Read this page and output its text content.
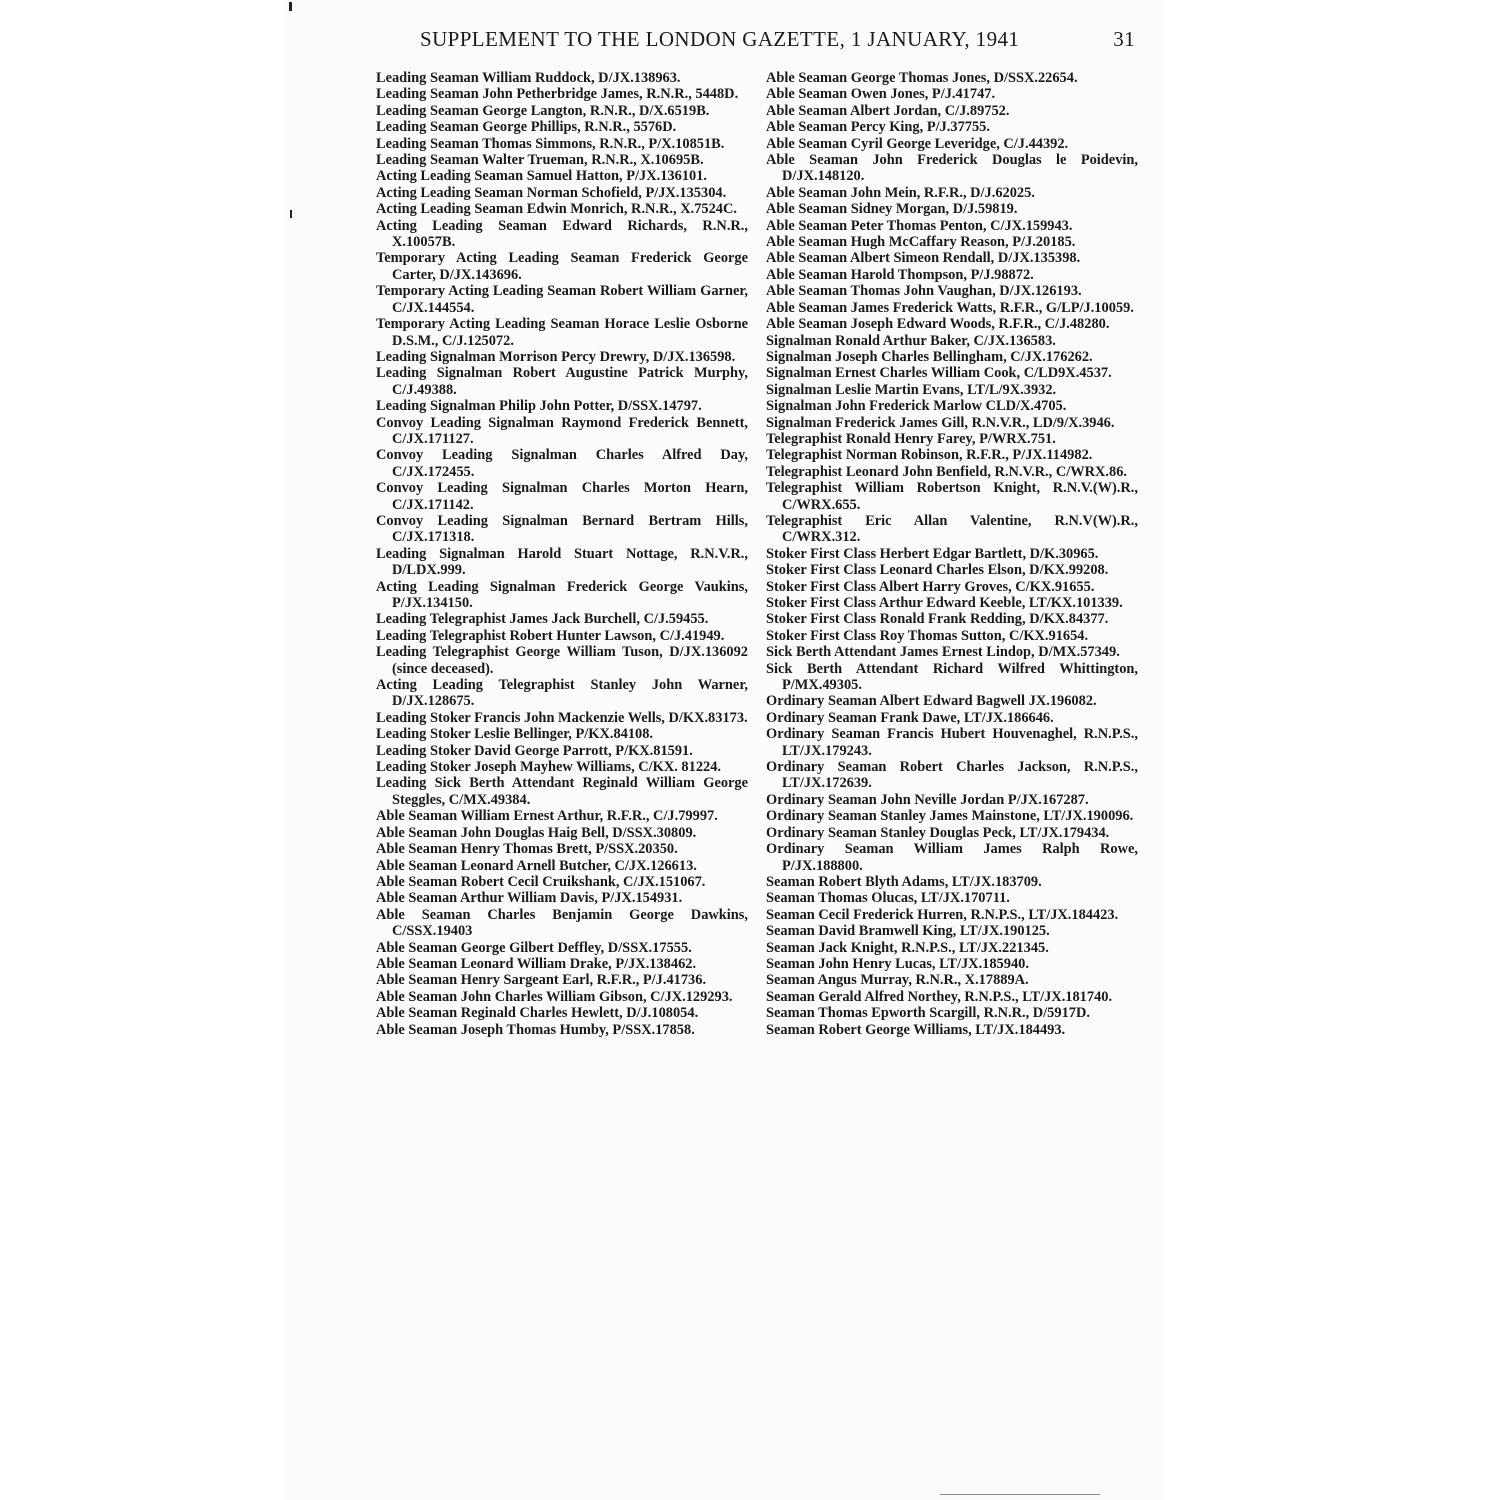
SUPPLEMENT TO THE LONDON GAZETTE, 1 JANUARY, 1941	31
Leading Seaman William Ruddock, D/JX.138963.
Leading Seaman John Petherbridge James, R.N.R., 5448D.
Leading Seaman George Langton, R.N.R., D/X.6519B.
Leading Seaman George Phillips, R.N.R., 5576D.
Leading Seaman Thomas Simmons, R.N.R., P/X.10851B.
Leading Seaman Walter Trueman, R.N.R., X.10695B.
Acting Leading Seaman Samuel Hatton, P/JX.136101.
Acting Leading Seaman Norman Schofield, P/JX.135304.
Acting Leading Seaman Edwin Monrich, R.N.R., X.7524C.
Acting Leading Seaman Edward Richards, R.N.R., X.10057B.
Temporary Acting Leading Seaman Frederick George Carter, D/JX.143696.
Temporary Acting Leading Seaman Robert William Garner, C/JX.144554.
Temporary Acting Leading Seaman Horace Leslie Osborne D.S.M., C/J.125072.
Leading Signalman Morrison Percy Drewry, D/JX.136598.
Leading Signalman Robert Augustine Patrick Murphy, C/J.49388.
Leading Signalman Philip John Potter, D/SSX.14797.
Convoy Leading Signalman Raymond Frederick Bennett, C/JX.171127.
Convoy Leading Signalman Charles Alfred Day, C/JX.172455.
Convoy Leading Signalman Charles Morton Hearn, C/JX.171142.
Convoy Leading Signalman Bernard Bertram Hills, C/JX.171318.
Leading Signalman Harold Stuart Nottage, R.N.V.R., D/LDX.999.
Acting Leading Signalman Frederick George Vaukins, P/JX.134150.
Leading Telegraphist James Jack Burchell, C/J.59455.
Leading Telegraphist Robert Hunter Lawson, C/J.41949.
Leading Telegraphist George William Tuson, D/JX.136092 (since deceased).
Acting Leading Telegraphist Stanley John Warner, D/JX.128675.
Leading Stoker Francis John Mackenzie Wells, D/KX.83173.
Leading Stoker Leslie Bellinger, P/KX.84108.
Leading Stoker David George Parrott, P/KX.81591.
Leading Stoker Joseph Mayhew Williams, C/KX. 81224.
Leading Sick Berth Attendant Reginald William George Steggles, C/MX.49384.
Able Seaman William Ernest Arthur, R.F.R., C/J.79997.
Able Seaman John Douglas Haig Bell, D/SSX.30809.
Able Seaman Henry Thomas Brett, P/SSX.20350.
Able Seaman Leonard Arnell Butcher, C/JX.126613.
Able Seaman Robert Cecil Cruikshank, C/JX.151067.
Able Seaman Arthur William Davis, P/JX.154931.
Able Seaman Charles Benjamin George Dawkins, C/SSX.19403
Able Seaman George Gilbert Deffley, D/SSX.17555.
Able Seaman Leonard William Drake, P/JX.138462.
Able Seaman Henry Sargeant Earl, R.F.R., P/J.41736.
Able Seaman John Charles William Gibson, C/JX.129293.
Able Seaman Reginald Charles Hewlett, D/J.108054.
Able Seaman Joseph Thomas Humby, P/SSX.17858.
Able Seaman George Thomas Jones, D/SSX.22654.
Able Seaman Owen Jones, P/J.41747.
Able Seaman Albert Jordan, C/J.89752.
Able Seaman Percy King, P/J.37755.
Able Seaman Cyril George Leveridge, C/J.44392.
Able Seaman John Frederick Douglas le Poidevin, D/JX.148120.
Able Seaman John Mein, R.F.R., D/J.62025.
Able Seaman Sidney Morgan, D/J.59819.
Able Seaman Peter Thomas Penton, C/JX.159943.
Able Seaman Hugh McCaffary Reason, P/J.20185.
Able Seaman Albert Simeon Rendall, D/JX.135398.
Able Seaman Harold Thompson, P/J.98872.
Able Seaman Thomas John Vaughan, D/JX.126193.
Able Seaman James Frederick Watts, R.F.R., G/LP/J.10059.
Able Seaman Joseph Edward Woods, R.F.R., C/J.48280.
Signalman Ronald Arthur Baker, C/JX.136583.
Signalman Joseph Charles Bellingham, C/JX.176262.
Signalman Ernest Charles William Cook, C/LD9X.4537.
Signalman Leslie Martin Evans, LT/L/9X.3932.
Signalman John Frederick Marlow CLD/X.4705.
Signalman Frederick James Gill, R.N.V.R., LD/9/X.3946.
Telegraphist Ronald Henry Farey, P/WRX.751.
Telegraphist Norman Robinson, R.F.R., P/JX.114982.
Telegraphist Leonard John Benfield, R.N.V.R., C/WRX.86.
Telegraphist William Robertson Knight, R.N.V.(W).R., C/WRX.655.
Telegraphist Eric Allan Valentine, R.N.V(W).R., C/WRX.312.
Stoker First Class Herbert Edgar Bartlett, D/K.30965.
Stoker First Class Leonard Charles Elson, D/KX.99208.
Stoker First Class Albert Harry Groves, C/KX.91655.
Stoker First Class Arthur Edward Keeble, LT/KX.101339.
Stoker First Class Ronald Frank Redding, D/KX.84377.
Stoker First Class Roy Thomas Sutton, C/KX.91654.
Sick Berth Attendant James Ernest Lindop, D/MX.57349.
Sick Berth Attendant Richard Wilfred Whittington, P/MX.49305.
Ordinary Seaman Albert Edward Bagwell JX.196082.
Ordinary Seaman Frank Dawe, LT/JX.186646.
Ordinary Seaman Francis Hubert Houvenaghel, R.N.P.S., LT/JX.179243.
Ordinary Seaman Robert Charles Jackson, R.N.P.S., LT/JX.172639.
Ordinary Seaman John Neville Jordan P/JX.167287.
Ordinary Seaman Stanley James Mainstone, LT/JX.190096.
Ordinary Seaman Stanley Douglas Peck, LT/JX.179434.
Ordinary Seaman William James Ralph Rowe, P/JX.188800.
Seaman Robert Blyth Adams, LT/JX.183709.
Seaman Thomas Olucas, LT/JX.170711.
Seaman Cecil Frederick Hurren, R.N.P.S., LT/JX.184423.
Seaman David Bramwell King, LT/JX.190125.
Seaman Jack Knight, R.N.P.S., LT/JX.221345.
Seaman John Henry Lucas, LT/JX.185940.
Seaman Angus Murray, R.N.R., X.17889A.
Seaman Gerald Alfred Northey, R.N.P.S., LT/JX.181740.
Seaman Thomas Epworth Scargill, R.N.R., D/5917D.
Seaman Robert George Williams, LT/JX.184493.
